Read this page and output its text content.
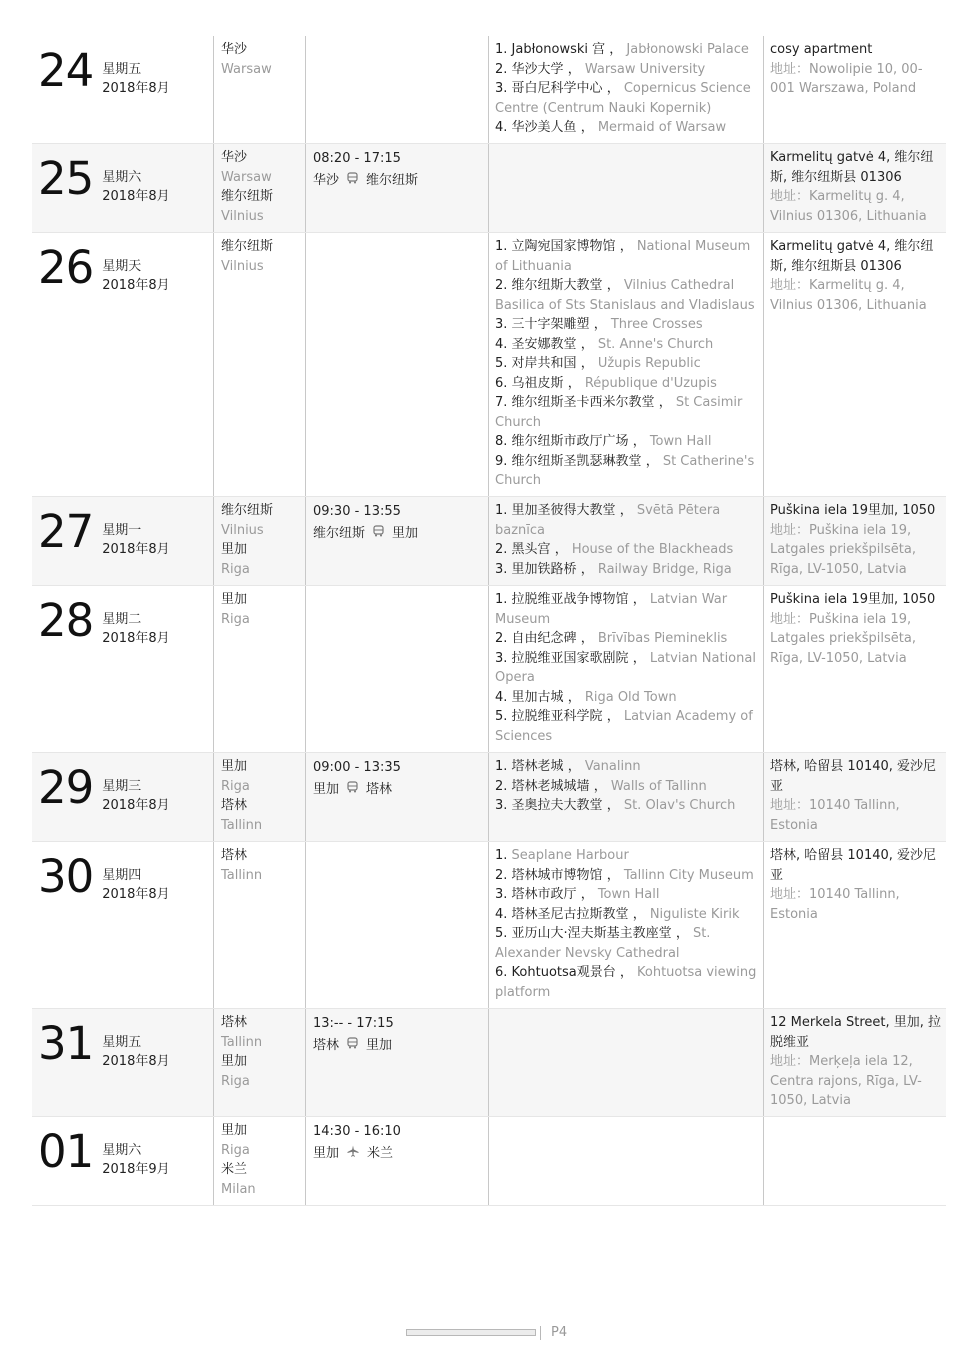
24 星期五
2018年8月
华沙
Warsaw
1. Jabłonowski 宫 ， Jabłonowski Palace
2. 华沙大学 ， Warsaw University
3. 哥白尼科学中心 ， Copernicus Science Centre (Centrum Nauki Kopernik)
4. 华沙美人鱼 ， Mermaid of Warsaw
cosy apartment
地址：Nowolipie 10, 00-001 Warszawa, Poland
25 星期六
2018年8月
华沙
Warsaw
维尔纽斯
Vilnius
08:20 - 17:15
华沙 维尔纽斯
Karmelitų gatvė 4, 维尔纽斯, 维尔纽斯县 01306
地址：Karmelitų g. 4, Vilnius 01306, Lithuania
26 星期天
2018年8月
维尔纽斯
Vilnius
1. 立陶宛国家博物馆 ， National Museum of Lithuania
2. 维尔纽斯大教堂 ， Vilnius Cathedral Basilica of Sts Stanislaus and Vladislaus
3. 三十字架雕塑 ， Three Crosses
4. 圣安娜教堂 ， St. Anne's Church
5. 对岸共和国 ， Užupis Republic
6. 乌祖皮斯 ， République d'Uzupis
7. 维尔纽斯圣卡西米尔教堂 ， St Casimir Church
8. 维尔纽斯市政厅广场 ， Town Hall
9. 维尔纽斯圣凯瑟琳教堂 ， St Catherine's Church
Karmelitų gatvė 4, 维尔纽斯, 维尔纽斯县 01306
地址：Karmelitų g. 4, Vilnius 01306, Lithuania
27 星期一
2018年8月
维尔纽斯
Vilnius
里加
Riga
09:30 - 13:55
维尔纽斯 里加
1. 里加圣彼得大教堂 ， Svētā Pētera baznīca
2. 黑头宫 ， House of the Blackheads
3. 里加铁路桥 ， Railway Bridge, Riga
Puškina iela 19里加, 1050
地址：Puškina iela 19, Latgales priekšpilsēta, Rīga, LV-1050, Latvia
28 星期二
2018年8月
里加
Riga
1. 拉脱维亚战争博物馆 ， Latvian War Museum
2. 自由纪念碑 ， Brīvības Piemineklis
3. 拉脱维亚国家歌剧院 ， Latvian National Opera
4. 里加古城 ， Riga Old Town
5. 拉脱维亚科学院 ， Latvian Academy of Sciences
Puškina iela 19里加, 1050
地址：Puškina iela 19, Latgales priekšpilsēta, Rīga, LV-1050, Latvia
29 星期三
2018年8月
里加
Riga
塔林
Tallinn
09:00 - 13:35
里加 塔林
1. 塔林老城 ， Vanalinn
2. 塔林老城城墙 ， Walls of Tallinn
3. 圣奥拉夫大教堂 ， St. Olav's Church
塔林, 哈留县 10140, 爱沙尼亚
地址：10140 Tallinn, Estonia
30 星期四
2018年8月
塔林
Tallinn
1. Seaplane Harbour
2. 塔林城市博物馆 ， Tallinn City Museum
3. 塔林市政厅 ， Town Hall
4. 塔林圣尼古拉斯教堂 ， Niguliste Kirik
5. 亚历山大·涅夫斯基主教座堂 ， St. Alexander Nevsky Cathedral
6. Kohtuotsa观景台 ， Kohtuotsa viewing platform
塔林, 哈留县 10140, 爱沙尼亚
地址：10140 Tallinn, Estonia
31 星期五
2018年8月
塔林
Tallinn
里加
Riga
13:-- - 17:15
塔林 里加
12 Merkela Street, 里加, 拉脱维亚
地址：Merķeļa iela 12, Centra rajons, Rīga, LV-1050, Latvia
01 星期六
2018年9月
里加
Riga
米兰
Milan
14:30 - 16:10
里加 米兰
P4
